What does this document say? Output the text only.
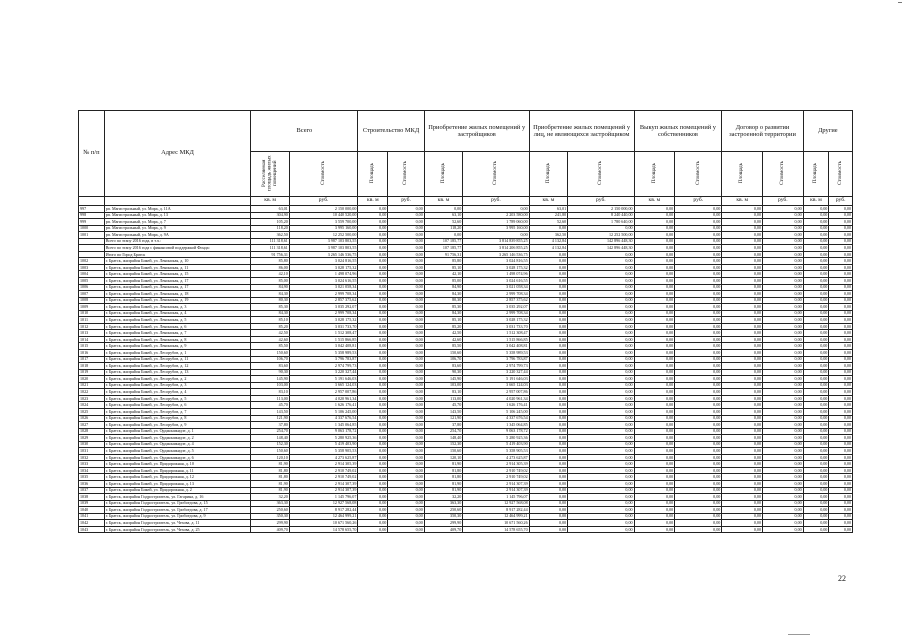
№ п/п	Адрес МКД	Всего		Строительство МКД		Приобретение жилых помещений у застройщиков		Приобретение жилых помещений у лиц, не являющихся застройщиком		Выкуп жилых помещений у собственников		Договор о развитии застроенной территории		Другие	
		Расселяемая площадь жилых помещений	Стоимость	Площадь	Стоимость	Площадь	Стоимость	Площадь	Стоимость	Площадь	Стоимость	Площадь	Стоимость	Площадь	Стоимость
		кв. м	руб.	кв. м	руб.	кв. м	руб.	кв. м	руб.	кв. м	руб.	кв. м	руб.	кв. м	руб.
997	рп. Магистральный, ул. Мира, д. 11А	63,01	2 150 000,00	0,00	0,00	0,00	0,00	63,01	2 150 000,00	0,00	0,00	0,00	0,00	0,00	0,00
998	рп. Магистральный, ул. Мира, д. 13	304,90	10 440 520,00	0,00	0,00	63,10	2 203 580,00	241,80	8 240 440,00	0,00	0,00	0,00	0,00	0,00	0,00
999	рп. Магистральный, ул. Мира, д. 7	105,20	3 559 700,00	0,00	0,00	52,60	1 789 060,00	52,60	1 780 640,00	0,00	0,00	0,00	0,00	0,00	0,00
1000	рп. Магистральный, ул. Мира, д. 9	118,20	3 995 160,00	0,00	0,00	118,20	3 995 160,00	0,00	0,00	0,00	0,00	0,00	0,00	0,00	0,00
1001	рп. Магистральный, ул. Мира, д. 9А	362,50	12 252 500,00	0,00	0,00	0,00	0,00	362,50	12 252 500,00	0,00	0,00	0,00	0,00	0,00	0,00
	Всего по этапу 2016 года, в т.ч.:	111 318,61	3 987 103 803,55	0,00	0,00	107 185,77	3 814 839 855,25	4 132,84	142 896 448,30	0,00	0,00	0,00	0,00	0,00	0,00
	Всего по этапу 2016 года с финансовой поддержкой Фонда:	111 318,61	3 987 103 803,55	0,00	0,00	107 185,77	3 814 206 855,25	4 132,84	142 896 448,30	0,00	0,00	0,00	0,00	0,00	0,00
	Итого по Город Братск	91 756,31	3 265 146 536,75	0,00	0,00	91 756,31	3 265 146 536,75	0,00	0,00	0,00	0,00	0,00	0,00	0,00	0,00
1002	г. Братск, жилрайон Бикей, ул. Ленинская, д. 10	85,80	3 024 816,55	0,00	0,00	85,80	3 024 816,55	0,00	0,00	0,00	0,00	0,00	0,00	0,00	0,00
1003	г. Братск, жилрайон Бикей, ул. Ленинская, д. 11	86,00	3 028 175,32	0,00	0,00	85,10	3 028 175,32	0,00	0,00	0,00	0,00	0,00	0,00	0,00	0,00
1004	г. Братск, жилрайон Бикей, ул. Ленинская, д. 15	42,10	1 498 074,96	0,00	0,00	42,10	1 498 074,96	0,00	0,00	0,00	0,00	0,00	0,00	0,00	0,00
1005	г. Братск, жилрайон Бикей, ул. Ленинская, д. 17	85,00	3 024 616,55	0,00	0,00	85,00	3 024 616,55	0,00	0,00	0,00	0,00	0,00	0,00	0,00	0,00
1006	г. Братск, жилрайон Бикей, ул. Ленинская, д. 17	84,90	3 021 058,34	0,00	0,00	84,90	3 021 058,34	0,00	0,00	0,00	0,00	0,00	0,00	0,00	0,00
1007	г. Братск, жилрайон Бикей, ул. Ленинская, д. 18	84,30	2 999 708,34	0,00	0,00	84,30	2 999 708,34	0,00	0,00	0,00	0,00	0,00	0,00	0,00	0,00
1008	г. Братск, жилрайон Бикей, ул. Ленинская, д. 19	80,30	2 857 375,62	0,00	0,00	80,30	2 857 375,62	0,00	0,00	0,00	0,00	0,00	0,00	0,00	0,00
1009	г. Братск, жилрайон Бикей, ул. Ленинская, д. 3	85,30	3 035 292,07	0,00	0,00	85,30	3 035 292,07	0,00	0,00	0,00	0,00	0,00	0,00	0,00	0,00
1010	г. Братск, жилрайон Бикей, ул. Ленинская, д. 4	84,30	2 999 708,34	0,00	0,00	84,30	2 999 708,34	0,00	0,00	0,00	0,00	0,00	0,00	0,00	0,00
1011	г. Братск, жилрайон Бикей, ул. Ленинская, д. 5	85,10	3 028 175,32	0,00	0,00	85,10	3 028 175,32	0,00	0,00	0,00	0,00	0,00	0,00	0,00	0,00
1012	г. Братск, жилрайон Бикей, ул. Ленинская, д. 6	85,20	3 031 733,70	0,00	0,00	85,20	3 031 733,70	0,00	0,00	0,00	0,00	0,00	0,00	0,00	0,00
1013	г. Братск, жилрайон Бикей, ул. Ленинская, д. 7	42,50	1 512 308,47	0,00	0,00	42,50	1 512 308,47	0,00	0,00	0,00	0,00	0,00	0,00	0,00	0,00
1014	г. Братск, жилрайон Бикей, ул. Ленинская, д. 8	42,60	1 515 866,85	0,00	0,00	42,60	1 515 866,85	0,00	0,00	0,00	0,00	0,00	0,00	0,00	0,00
1015	г. Братск, жилрайон Бикей, ул. Ленинская, д. 9	85,50	3 042 408,81	0,00	0,00	85,50	3 042 408,81	0,00	0,00	0,00	0,00	0,00	0,00	0,00	0,00
1016	г. Братск, жилрайон Бикей, ул. Лесорубов, д. 1	150,60	5 358 989,53	0,00	0,00	150,60	5 358 989,53	0,00	0,00	0,00	0,00	0,00	0,00	0,00	0,00
1017	г. Братск, жилрайон Бикей, ул. Лесорубов, д. 11	106,70	3 796 783,87	0,00	0,00	106,70	3 796 783,87	0,00	0,00	0,00	0,00	0,00	0,00	0,00	0,00
1018	г. Братск, жилрайон Бикей, ул. Лесорубов, д. 12	83,60	2 974 799,73	0,00	0,00	83,60	2 974 799,73	0,00	0,00	0,00	0,00	0,00	0,00	0,00	0,00
1019	г. Братск, жилрайон Бикей, ул. Лесорубов, д. 13	90,30	3 220 327,44	0,00	0,00	90,30	3 220 327,44	0,00	0,00	0,00	0,00	0,00	0,00	0,00	0,00
1020	г. Братск, жилрайон Бикей, ул. Лесорубов, д. 2	145,90	5 191 646,03	0,00	0,00	145,90	5 191 646,03	0,00	0,00	0,00	0,00	0,00	0,00	0,00	0,00
1021	г. Братск, жилрайон Бикей, ул. Лесорубов, д. 3	103,00	3 665 124,03	0,00	0,00	103,00	3 665 124,03	0,00	0,00	0,00	0,00	0,00	0,00	0,00	0,00
1022	г. Братск, жилрайон Бикей, ул. Лесорубов, д. 4	83,10	2 957 007,86	0,00	0,00	83,10	2 957 007,86	0,00	0,00	0,00	0,00	0,00	0,00	0,00	0,00
1023	г. Братск, жилрайон Бикей, ул. Лесорубов, д. 5	113,00	4 020 961,34	0,00	0,00	113,00	4 020 961,34	0,00	0,00	0,00	0,00	0,00	0,00	0,00	0,00
1024	г. Братск, жилрайон Бикей, ул. Лесорубов, д. 6	45,70	1 626 176,41	0,00	0,00	45,70	1 626 176,41	0,00	0,00	0,00	0,00	0,00	0,00	0,00	0,00
1025	г. Братск, жилрайон Бикей, ул. Лесорубов, д. 7	143,50	5 106 245,00	0,00	0,00	143,50	5 106 245,00	0,00	0,00	0,00	0,00	0,00	0,00	0,00	0,00
1026	г. Братск, жилрайон Бикей, ул. Лесорубов, д. 8	121,90	4 337 676,54	0,00	0,00	121,90	4 337 676,54	0,00	0,00	0,00	0,00	0,00	0,00	0,00	0,00
1027	г. Братск, жилрайон Бикей, ул. Лесорубов, д. 9	37,80	1 345 064,85	0,00	0,00	37,80	1 345 064,85	0,00	0,00	0,00	0,00	0,00	0,00	0,00	0,00
1028	г. Братск, жилрайон Бикей, ул. Орджоникидзе, д. 1	254,70	9 063 178,72	0,00	0,00	254,70	9 063 178,72	0,00	0,00	0,00	0,00	0,00	0,00	0,00	0,00
1029	г. Братск, жилрайон Бикей, ул. Орджоникидзе, д. 2	148,40	5 280 925,36	0,00	0,00	148,40	5 280 925,36	0,00	0,00	0,00	0,00	0,00	0,00	0,00	0,00
1030	г. Братск, жилрайон Бикей, ул. Орджоникидзе, д. 4	152,30	5 419 403,90	0,00	0,00	152,30	5 419 403,90	0,00	0,00	0,00	0,00	0,00	0,00	0,00	0,00
1031	г. Братск, жилрайон Бикей, ул. Орджоникидзе, д. 5	150,60	5 358 905,53	0,00	0,00	150,60	5 358 905,53	0,00	0,00	0,00	0,00	0,00	0,00	0,00	0,00
1032	г. Братск, жилрайон Бикей, ул. Орджоникидзе, д. 6	120,10	4 273 625,87	0,00	0,00	120,10	4 273 625,87	0,00	0,00	0,00	0,00	0,00	0,00	0,00	0,00
1033	г. Братск, жилрайон Бикей, ул. Придорожная, д. 10	81,90	2 914 305,39	0,00	0,00	81,90	2 914 305,39	0,00	0,00	0,00	0,00	0,00	0,00	0,00	0,00
1034	г. Братск, жилрайон Бикей, ул. Придорожная, д. 11	81,80	2 910 749,02	0,00	0,00	81,80	2 910 749,02	0,00	0,00	0,00	0,00	0,00	0,00	0,00	0,00
1035	г. Братск, жилрайон Бикей, ул. Придорожная, д. 12	81,80	2 910 749,02	0,00	0,00	81,80	2 910 749,02	0,00	0,00	0,00	0,00	0,00	0,00	0,00	0,00
1036	г. Братск, жилрайон Бикей, ул. Придорожная, д. 13	81,90	2 914 307,39	0,00	0,00	81,90	2 914 307,39	0,00	0,00	0,00	0,00	0,00	0,00	0,00	0,00
1037	г. Братск, жилрайон Бикей, ул. Придорожная, д. 2	81,90	2 914 307,39	0,00	0,00	81,90	2 914 307,39	0,00	0,00	0,00	0,00	0,00	0,00	0,00	0,00
1038	г. Братск, жилрайон Гидростроитель, ул. Гагарина, д. 16	32,20	1 145 796,07	0,00	0,00	32,20	1 145 796,07	0,00	0,00	0,00	0,00	0,00	0,00	0,00	0,00
1039	г. Братск, жилрайон Гидростроитель, ул. Грибоедова, д. 15	363,30	12 927 568,08	0,00	0,00	363,30	12 927 568,08	0,00	0,00	0,00	0,00	0,00	0,00	0,00	0,00
1040	г. Братск, жилрайон Гидростроитель, ул. Грибоедова, д. 17	250,60	8 917 282,44	0,00	0,00	250,60	8 917 282,44	0,00	0,00	0,00	0,00	0,00	0,00	0,00	0,00
1041	г. Братск, жилрайон Гидростроитель, ул. Грибоедова, д. 9	350,30	12 464 999,21	0,00	0,00	350,30	12 464 999,21	0,00	0,00	0,00	0,00	0,00	0,00	0,00	0,00
1042	г. Братск, жилрайон Гидростроитель, ул. Чехова, д. 11	299,90	10 671 560,26	0,00	0,00	299,90	10 671 560,26	0,00	0,00	0,00	0,00	0,00	0,00	0,00	0,00
1043	г. Братск, жилрайон Гидростроитель, ул. Чехова, д. 25	409,70	14 578 655,70	0,00	0,00	409,70	14 578 655,70	0,00	0,00	0,00	0,00	0,00	0,00	0,00	0,00
22
